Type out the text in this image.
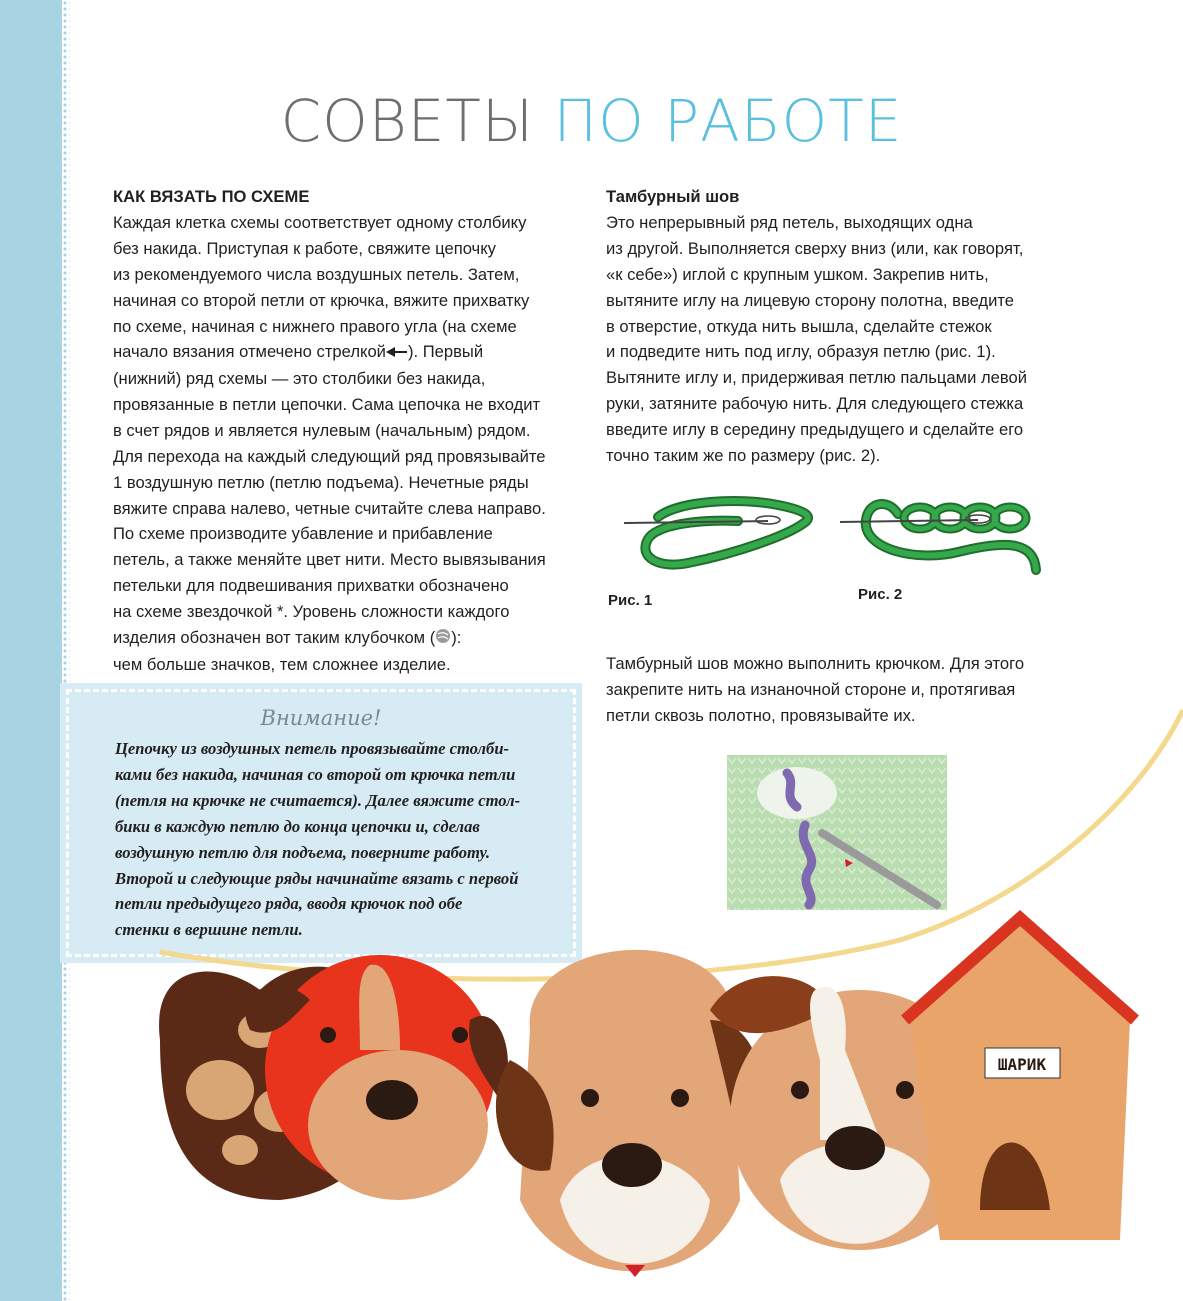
СОВЕТЫ ПО РАБОТЕ
КАК ВЯЗАТЬ ПО СХЕМЕ
Каждая клетка схемы соответствует одному столбику
без накида. Приступая к работе, свяжите цепочку
из рекомендуемого числа воздушных петель. Затем,
начиная со второй петли от крючка, вяжите прихватку
по схеме, начиная с нижнего правого угла (на схеме
начало вязания отмечено стрелкой ). Первый
(нижний) ряд схемы — это столбики без накида,
провязанные в петли цепочки. Сама цепочка не входит
в счет рядов и является нулевым (начальным) рядом.
Для перехода на каждый следующий ряд провязывайте
1 воздушную петлю (петлю подъема). Нечетные ряды
вяжите справа налево, четные считайте слева направо.
По схеме производите убавление и прибавление
петель, а также меняйте цвет нити. Место вывязывания
петельки для подвешивания прихватки обозначено
на схеме звездочкой *. Уровень сложности каждого
изделия обозначен вот таким клубочком ( ):
чем больше значков, тем сложнее изделие.
Тамбурный шов
Это непрерывный ряд петель, выходящих одна
из другой. Выполняется сверху вниз (или, как говорят,
«к себе») иглой с крупным ушком. Закрепив нить,
вытяните иглу на лицевую сторону полотна, введите
в отверстие, откуда нить вышла, сделайте стежок
и подведите нить под иглу, образуя петлю (рис. 1).
Вытяните иглу и, придерживая петлю пальцами левой
руки, затяните рабочую нить. Для следующего стежка
введите иглу в середину предыдущего и сделайте его
точно таким же по размеру (рис. 2).
Рис. 1	Рис. 2
Тамбурный шов можно выполнить крючком. Для этого
закрепите нить на изнаночной стороне и, протягивая
петли сквозь полотно, провязывайте их.
Внимание!
Цепочку из воздушных петель провязывайте столби-
ками без накида, начиная со второй от крючка петли
(петля на крючке не считается). Далее вяжите стол-
бики в каждую петлю до конца цепочки и, сделав
воздушную петлю для подъема, поверните работу.
Второй и следующие ряды начинайте вязать с первой
петли предыдущего ряда, вводя крючок под обе
стенки в вершине петли.
ШАРИК
